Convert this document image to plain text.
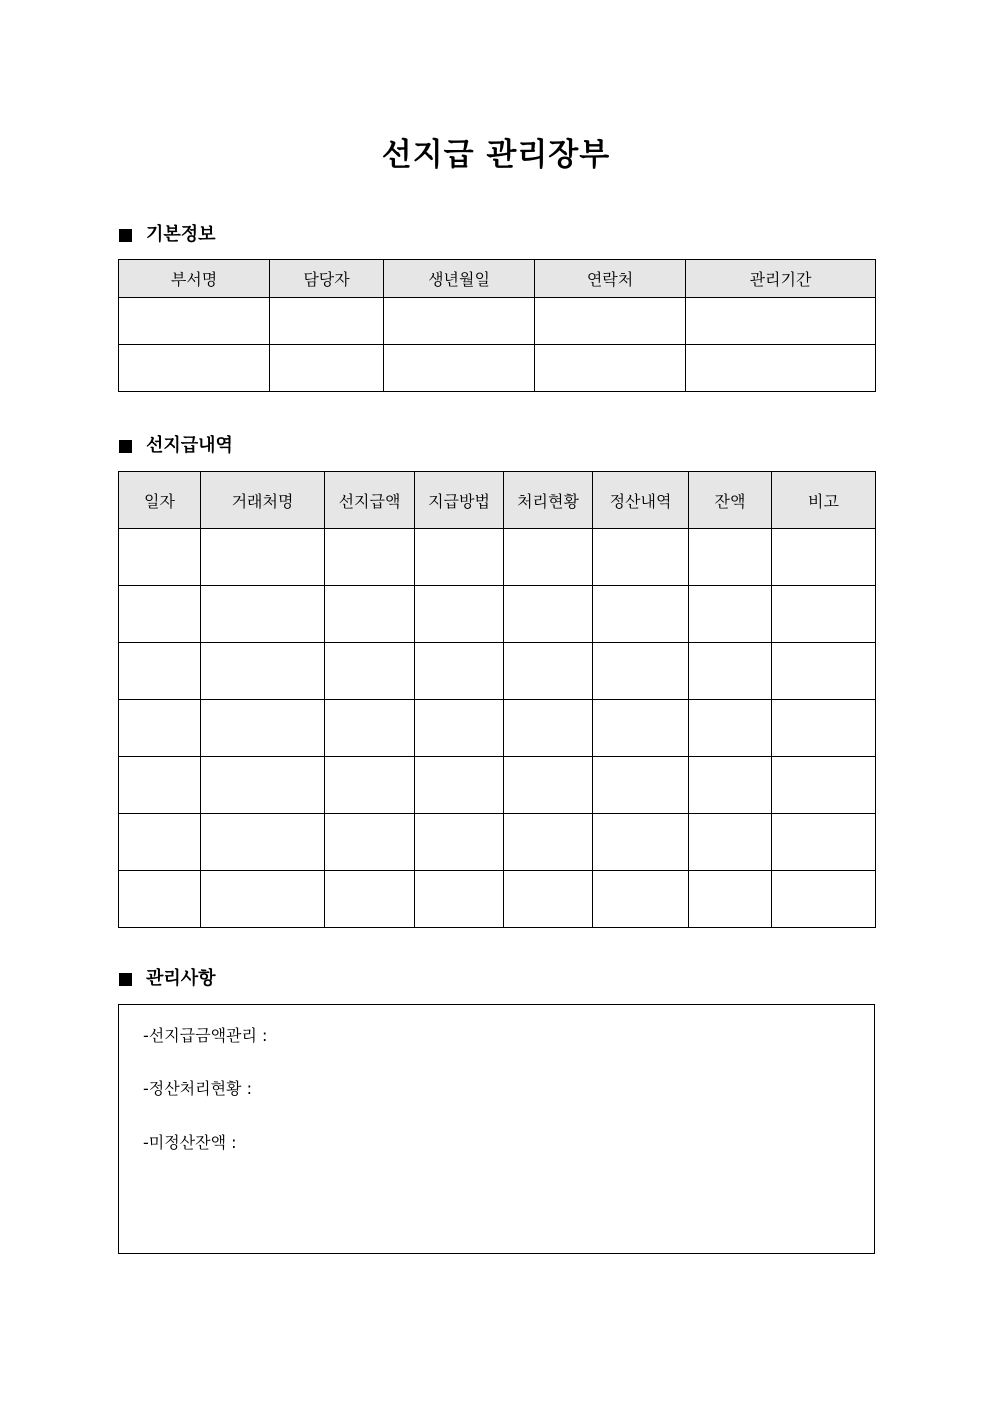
선지급 관리장부
기본정보
부서명	담당자	생년월일	연락처	관리기간

선지급내역
일자	거래처명	선지급액	지급방법	처리현황	정산내역	잔액	비고

관리사항
-선지급금액관리 :
-정산처리현황 :
-미정산잔액 :
